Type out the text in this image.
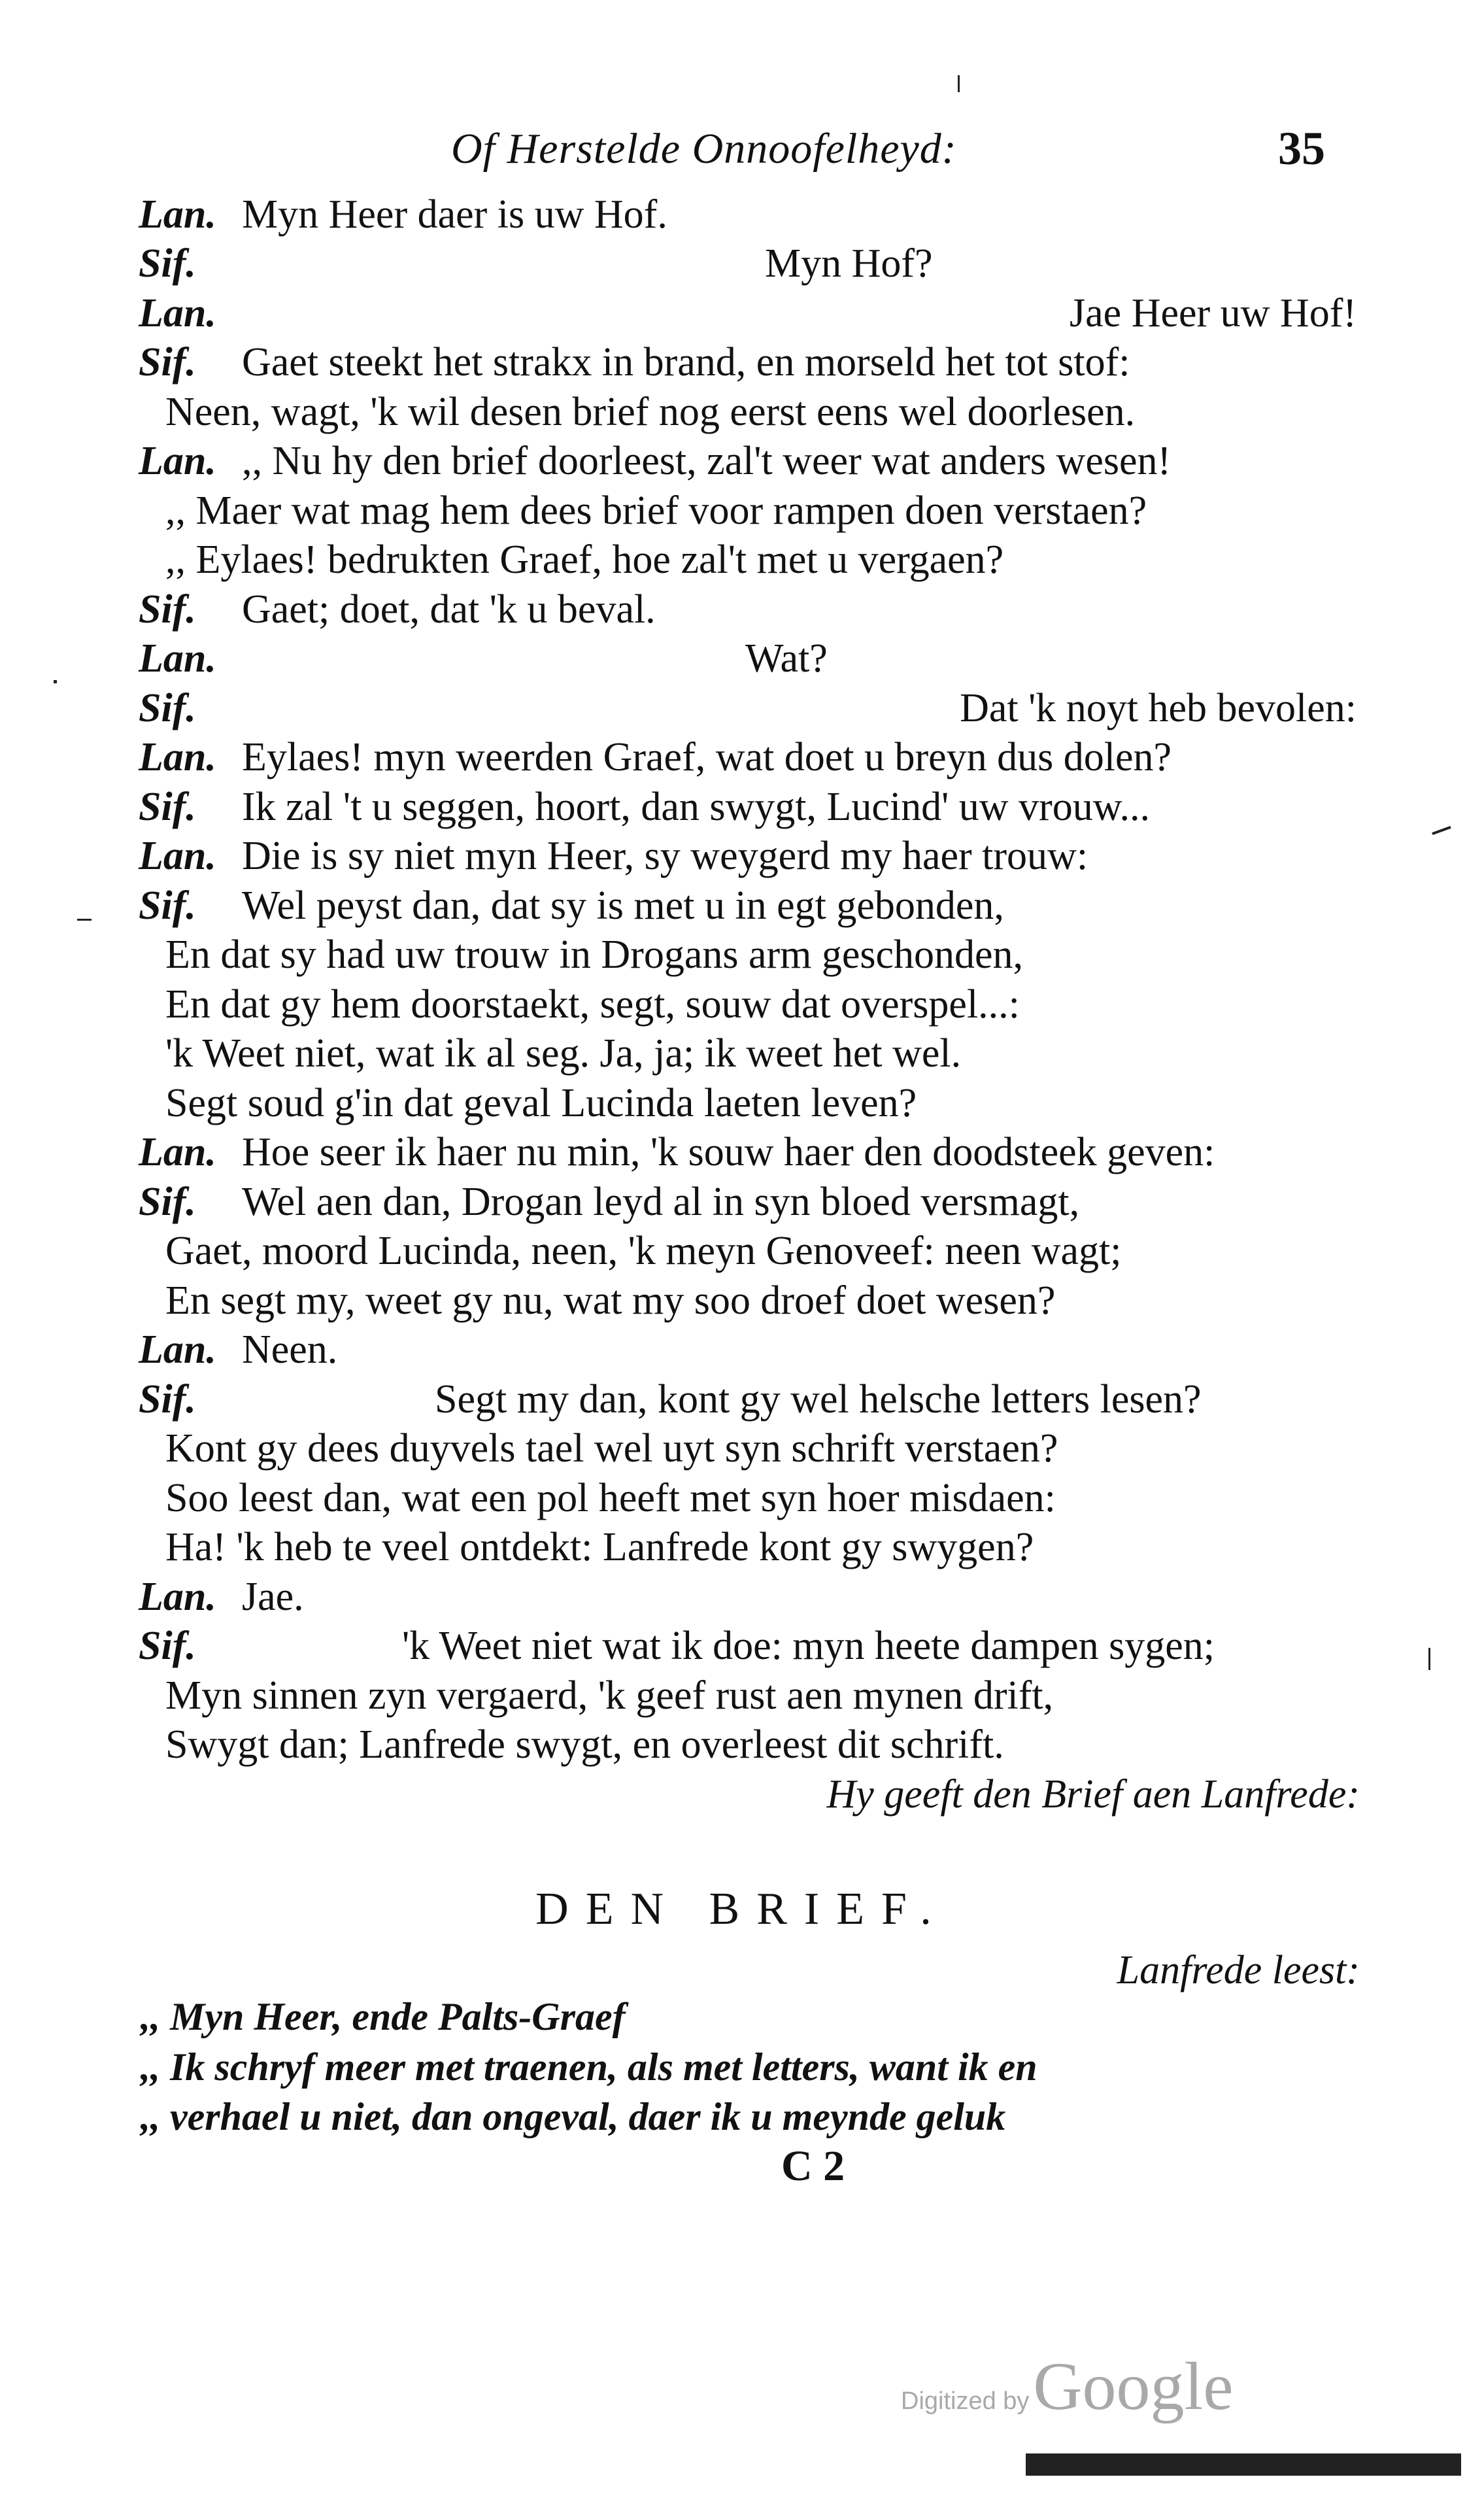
Of Herstelde Onnoofelheyd:	35
Lan. Myn Heer daer is uw Hof.
Sif.	Myn Hof?
Lan.	Jae Heer uw Hof!
Sif. Gaet steekt het strakx in brand, en morseld het tot stof:
Neen, wagt, 'k wil desen brief nog eerst eens wel doorlesen.
Lan. ,, Nu hy den brief doorleest, zal't weer wat anders wesen!
,, Maer wat mag hem dees brief voor rampen doen verstaen?
,, Eylaes! bedrukten Graef, hoe zal't met u vergaen?
Sif. Gaet; doet, dat 'k u beval.
Lan.	Wat?
Sif.	Dat 'k noyt heb bevolen:
Lan. Eylaes! myn weerden Graef, wat doet u breyn dus dolen?
Sif. Ik zal 't u seggen, hoort, dan swygt, Lucind' uw vrouw...
Lan. Die is sy niet myn Heer, sy weygerd my haer trouw:
Sif. Wel peyst dan, dat sy is met u in egt gebonden,
En dat sy had uw trouw in Drogans arm geschonden,
En dat gy hem doorstaekt, segt, souw dat overspel...:
'k Weet niet, wat ik al seg. Ja, ja; ik weet het wel.
Segt soud g'in dat geval Lucinda laeten leven?
Lan. Hoe seer ik haer nu min, 'k souw haer den doodsteek geven:
Sif. Wel aen dan, Drogan leyd al in syn bloed versmagt,
Gaet, moord Lucinda, neen, 'k meyn Genoveef: neen wagt;
En segt my, weet gy nu, wat my soo droef doet wesen?
Lan. Neen.
Sif.	Segt my dan, kont gy wel helsche letters lesen?
Kont gy dees duyvels tael wel uyt syn schrift verstaen?
Soo leest dan, wat een pol heeft met syn hoer misdaen:
Ha! 'k heb te veel ontdekt: Lanfrede kont gy swygen?
Lan. Jae.
Sif.	'k Weet niet wat ik doe: myn heete dampen sygen;
Myn sinnen zyn vergaerd, 'k geef rust aen mynen drift,
Swygt dan; Lanfrede swygt, en overleest dit schrift.
Hy geeft den Brief aen Lanfrede:
DEN BRIEF.
Lanfrede leest:
,, Myn Heer, ende Palts-Graef
,, Ik schryf meer met traenen, als met letters, want ik en
,, verhael u niet, dan ongeval, daer ik u meynde geluk
C 2
Digitized byGoogle
